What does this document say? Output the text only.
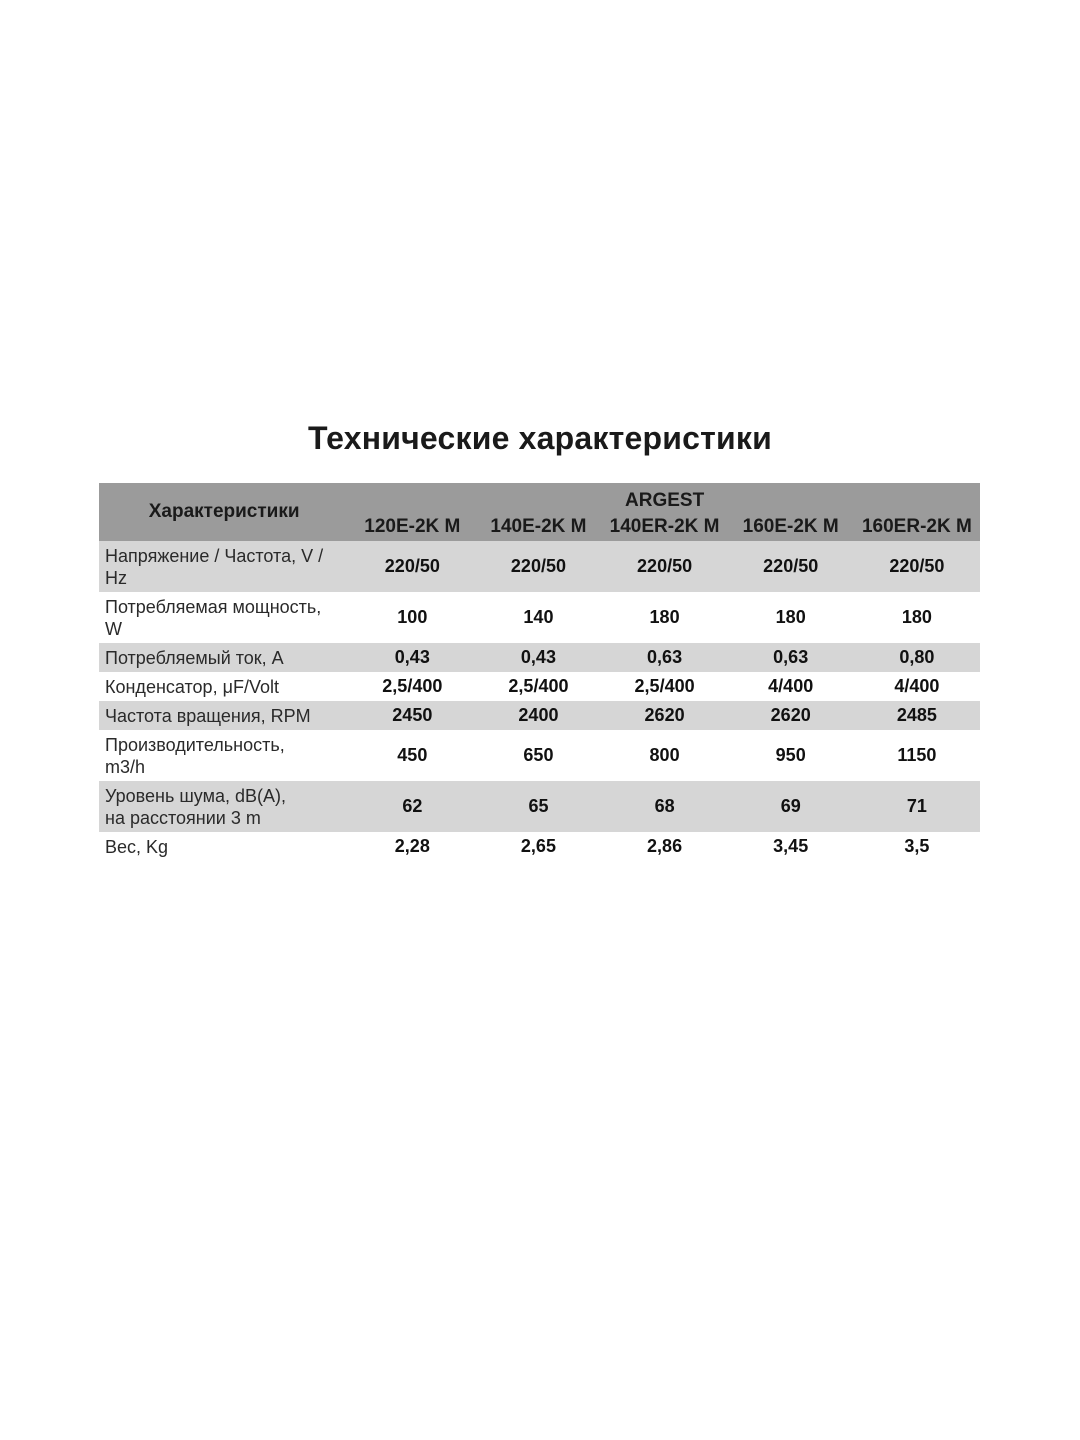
Технические характеристики
Характеристики	ARGEST				
	120E-2K M	140E-2K M	140ER-2K M	160E-2K M	160ER-2K M
Напряжение / Частота, V /
Hz	220/50	220/50	220/50	220/50	220/50
Потребляемая мощность,
W	100	140	180	180	180
Потребляемый ток, А	0,43	0,43	0,63	0,63	0,80
Конденсатор, μF/Volt	2,5/400	2,5/400	2,5/400	4/400	4/400
Частота вращения, RPM	2450	2400	2620	2620	2485
Производительность,
m3/h	450	650	800	950	1150
Уровень шума, dB(A),
на расстоянии 3 m	62	65	68	69	71
Вес, Kg	2,28	2,65	2,86	3,45	3,5
